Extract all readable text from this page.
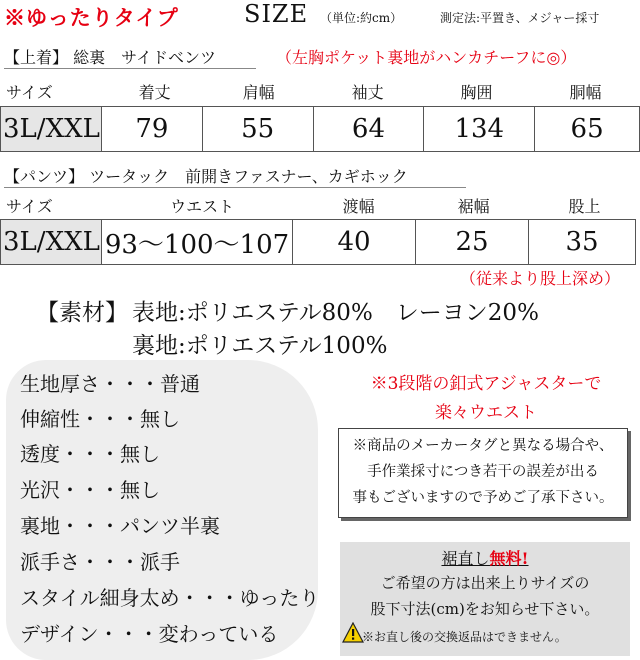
※ゆったりタイプ	SIZE （単位:約cm）	測定法:平置き、メジャー採寸
【上着】 総裏　サイドベンツ	（左胸ポケット裏地がハンカチーフに◎）
サイズ	着丈	肩幅	袖丈	胸囲	胴幅
3L/XXL	79	55	64	134	65
【パンツ】 ツータック　前開きファスナー、カギホック
サイズ	ウエスト	渡幅	裾幅	股上
3L/XXL	93〜100〜107	40	25	35
（従来より股上深め）
【素材】 表地:ポリエステル80%　レーヨン20%
裏地:ポリエステル100%
生地厚さ・・・普通
伸縮性・・・無し
透度・・・無し
光沢・・・無し
裏地・・・パンツ半裏
派手さ・・・派手
スタイル細身太め・・・ゆったり
デザイン・・・変わっている
※3段階の釦式アジャスターで
楽々ウエスト
※商品のメーカータグと異なる場合や、
手作業採寸につき若干の誤差が出る
事もございますので予めご了承下さい。
裾直し無料!
ご希望の方は出来上りサイズの
股下寸法(cm)をお知らせ下さい。
※お直し後の交換返品はできません。
